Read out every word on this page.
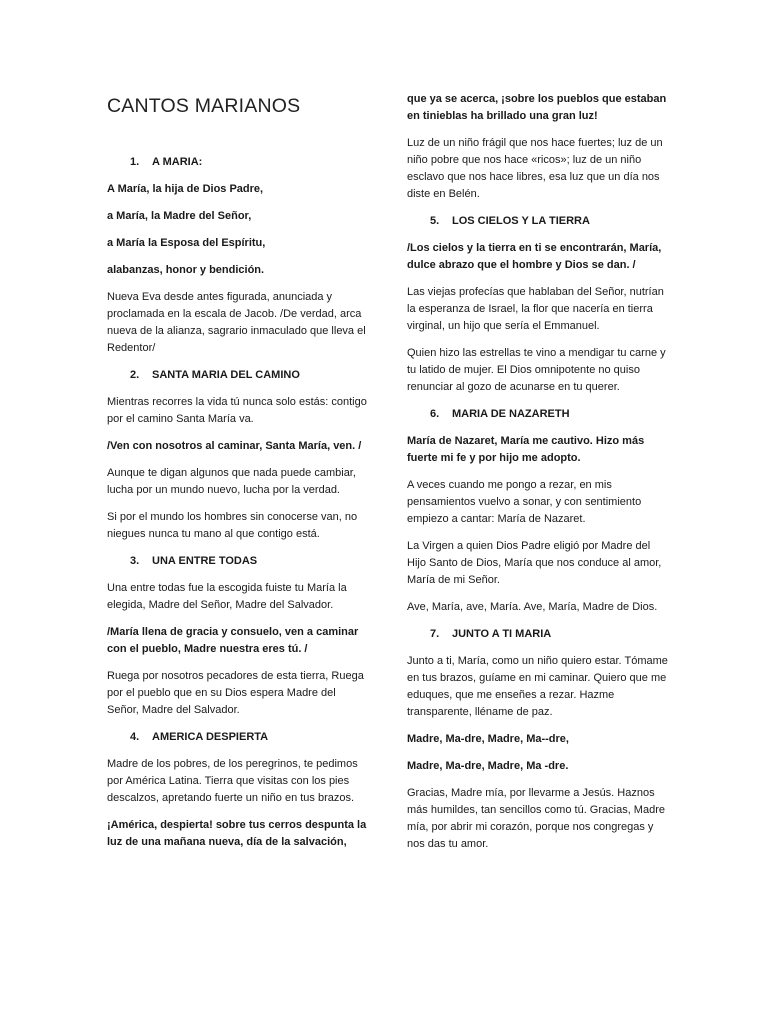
CANTOS MARIANOS
1. A MARIA:

A María, la hija de Dios Padre,

a María, la Madre del Señor,

a María la Esposa del Espíritu,

alabanzas, honor y bendición.

Nueva Eva desde antes figurada, anunciada y proclamada en la escala de Jacob. /De verdad, arca nueva de la alianza, sagrario inmaculado que lleva el Redentor/

2. SANTA MARIA DEL CAMINO

Mientras recorres la vida tú nunca solo estás: contigo por el camino Santa María va.

/Ven con nosotros al caminar, Santa María, ven. /

Aunque te digan algunos que nada puede cambiar, lucha por un mundo nuevo, lucha por la verdad.

Si por el mundo los hombres sin conocerse van, no niegues nunca tu mano al que contigo está.

3. UNA ENTRE TODAS

Una entre todas fue la escogida fuiste tu María la elegida, Madre del Señor, Madre del Salvador.

/María llena de gracia y consuelo, ven a caminar con el pueblo, Madre nuestra eres tú. /

Ruega por nosotros pecadores de esta tierra, Ruega por el pueblo que en su Dios espera Madre del Señor, Madre del Salvador.

4. AMERICA DESPIERTA

Madre de los pobres, de los peregrinos, te pedimos por América Latina. Tierra que visitas con los pies descalzos, apretando fuerte un niño en tus brazos.

¡América, despierta! sobre tus cerros despunta la luz de una mañana nueva, día de la salvación,

que ya se acerca, ¡sobre los pueblos que estaban en tinieblas ha brillado una gran luz!

Luz de un niño frágil que nos hace fuertes; luz de un niño pobre que nos hace «ricos»; luz de un niño esclavo que nos hace libres, esa luz que un día nos diste en Belén.

5. LOS CIELOS Y LA TIERRA

/Los cielos y la tierra en ti se encontrarán, María, dulce abrazo que el hombre y Dios se dan. /

Las viejas profecías que hablaban del Señor, nutrían la esperanza de Israel, la flor que nacería en tierra virginal, un hijo que sería el Emmanuel.

Quien hizo las estrellas te vino a mendigar tu carne y tu latido de mujer. El Dios omnipotente no quiso renunciar al gozo de acunarse en tu querer.

6. MARIA DE NAZARETH

María de Nazaret, María me cautivo. Hizo más fuerte mi fe y por hijo me adopto.

A veces cuando me pongo a rezar, en mis pensamientos vuelvo a sonar, y con sentimiento empiezo a cantar: María de Nazaret.

La Virgen a quien Dios Padre eligió por Madre del Hijo Santo de Dios, María que nos conduce al amor, María de mi Señor.

Ave, María, ave, María. Ave, María, Madre de Dios.

7. JUNTO A TI MARIA

Junto a ti, María, como un niño quiero estar. Tómame en tus brazos, guíame en mi caminar. Quiero que me eduques, que me enseñes a rezar. Hazme transparente, lléname de paz.

Madre, Ma-dre, Madre, Ma--dre,

Madre, Ma-dre, Madre, Ma -dre.

Gracias, Madre mía, por llevarme a Jesús. Haznos más humildes, tan sencillos como tú. Gracias, Madre mía, por abrir mi corazón, porque nos congregas y nos das tu amor.
